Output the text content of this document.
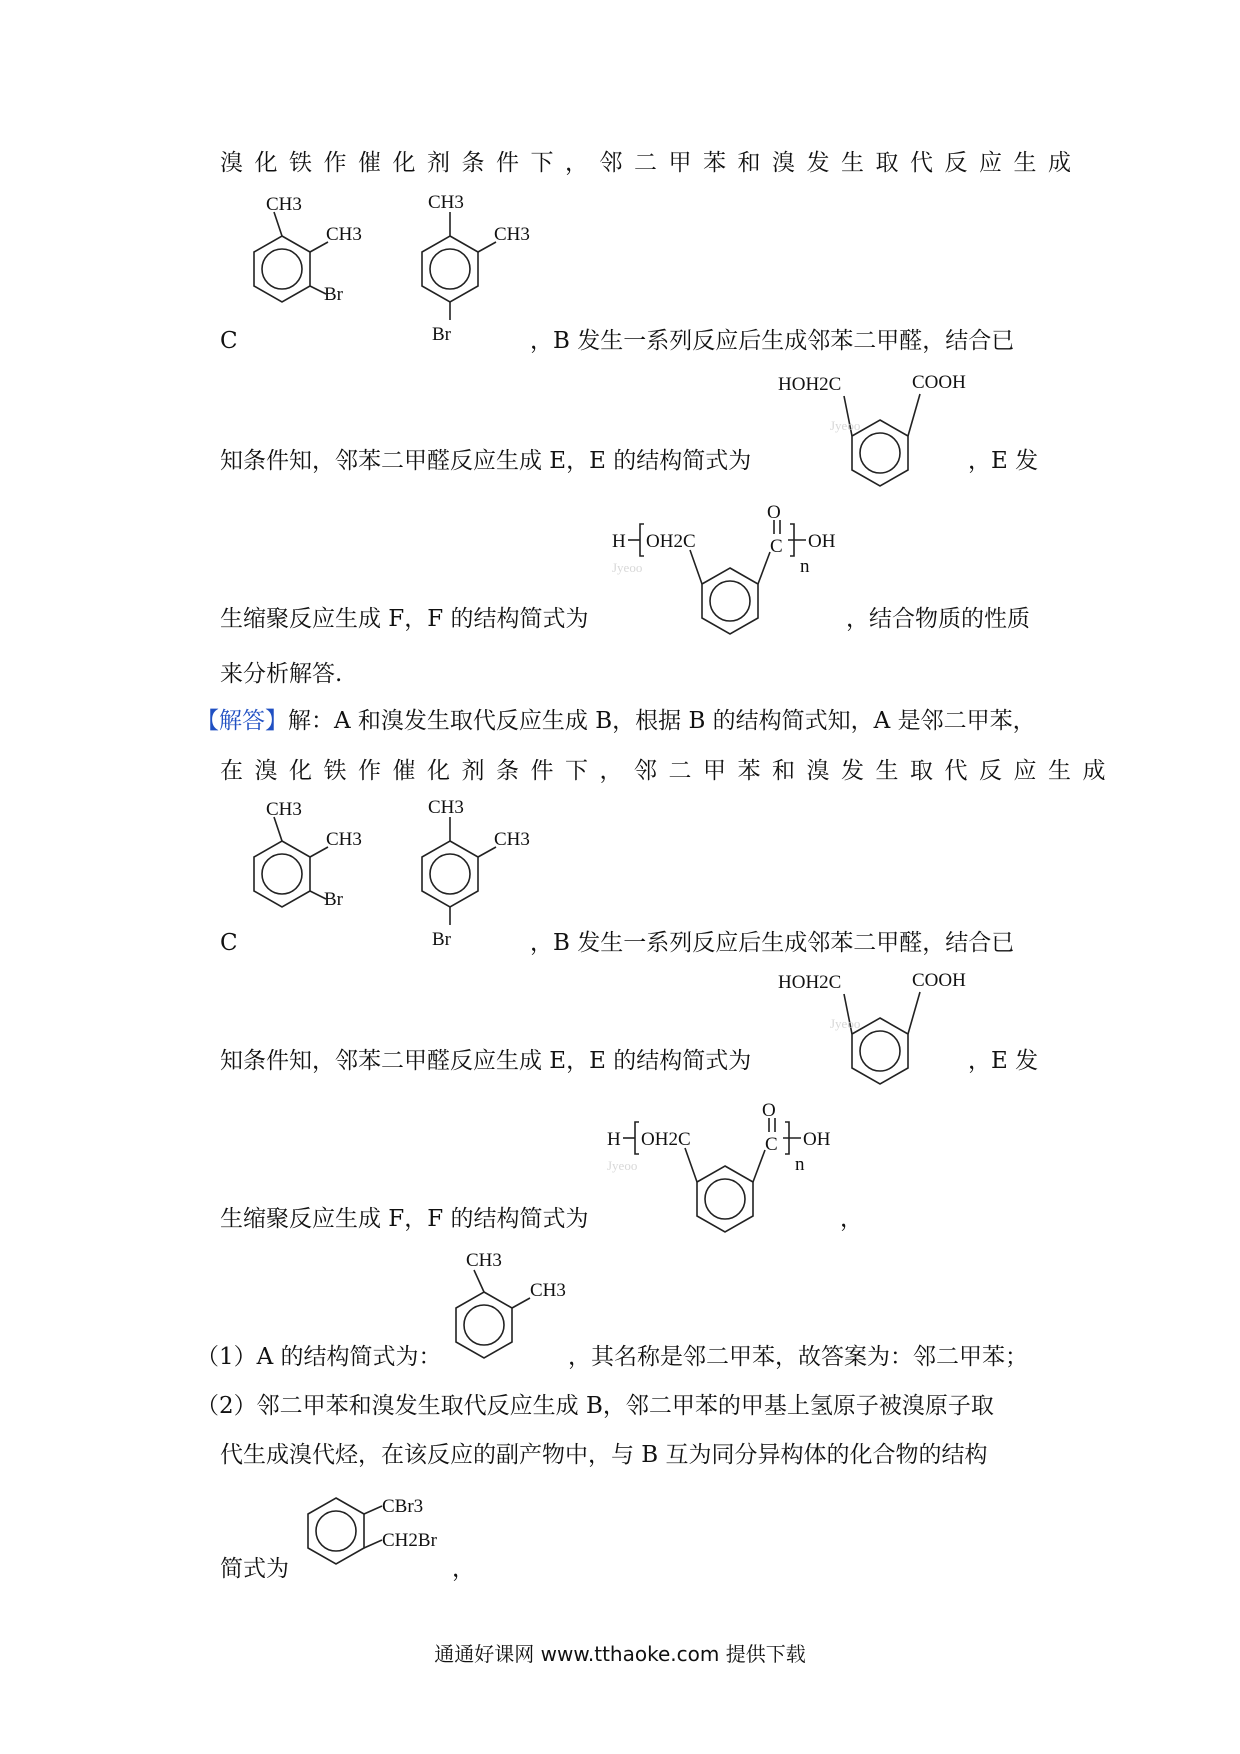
溴化铁作催化剂条件下，邻二甲苯和溴发生取代反应生成
CH3
CH3
Br
CH3
CH3
Br
C	，B 发生一系列反应后生成邻苯二甲醛，结合已
HOH2C	COOH
Jyeoo
知条件知，邻苯二甲醛反应生成 E，E 的结构简式为	，E 发
H OH2C	C
O
OH
n
Jyeoo
生缩聚反应生成 F，F 的结构简式为	，结合物质的性质
来分析解答.
【解答】解：A 和溴发生取代反应生成 B，根据 B 的结构简式知，A 是邻二甲苯，
在溴化铁作催化剂条件下，邻二甲苯和溴发生取代反应生成
CH3
CH3
Br
CH3
CH3
Br
C	，B 发生一系列反应后生成邻苯二甲醛，结合已
HOH2C	COOH
Jyeoo
知条件知，邻苯二甲醛反应生成 E，E 的结构简式为	，E 发
H OH2C	C
O
OH
n
Jyeoo
生缩聚反应生成 F，F 的结构简式为	，
CH3
CH3
（1）A 的结构简式为：	，其名称是邻二甲苯，故答案为：邻二甲苯；
（2）邻二甲苯和溴发生取代反应生成 B，邻二甲苯的甲基上氢原子被溴原子取
代生成溴代烃，在该反应的副产物中，与 B 互为同分异构体的化合物的结构
CBr3
CH2Br
简式为	，
通通好课网 www.tthaoke.com 提供下载
